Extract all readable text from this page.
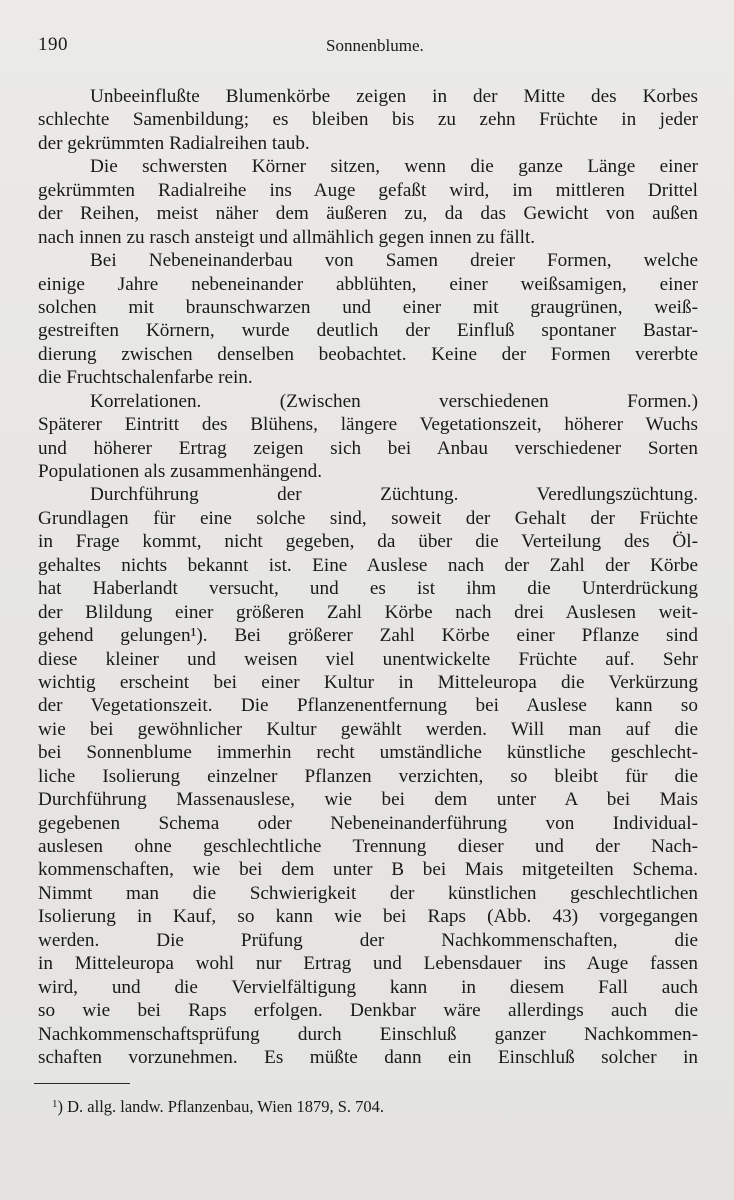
190	Sonnenblume.
Unbeeinflußte Blumenkörbe zeigen in der Mitte des Korbes
schlechte Samenbildung; es bleiben bis zu zehn Früchte in jeder
der gekrümmten Radialreihen taub.
Die schwersten Körner sitzen, wenn die ganze Länge einer
gekrümmten Radialreihe ins Auge gefaßt wird, im mittleren Drittel
der Reihen, meist näher dem äußeren zu, da das Gewicht von außen
nach innen zu rasch ansteigt und allmählich gegen innen zu fällt.
Bei Nebeneinanderbau von Samen dreier Formen, welche
einige Jahre nebeneinander abblühten, einer weißsamigen, einer
solchen mit braunschwarzen und einer mit graugrünen, weiß-
gestreiften Körnern, wurde deutlich der Einfluß spontaner Bastar-
dierung zwischen denselben beobachtet. Keine der Formen vererbte
die Fruchtschalenfarbe rein.
Korrelationen. (Zwischen verschiedenen Formen.)
Späterer Eintritt des Blühens, längere Vegetationszeit, höherer Wuchs
und höherer Ertrag zeigen sich bei Anbau verschiedener Sorten
Populationen als zusammenhängend.
Durchführung der Züchtung. Veredlungszüchtung.
Grundlagen für eine solche sind, soweit der Gehalt der Früchte
in Frage kommt, nicht gegeben, da über die Verteilung des Öl-
gehaltes nichts bekannt ist. Eine Auslese nach der Zahl der Körbe
hat Haberlandt versucht, und es ist ihm die Unterdrückung
der Blildung einer größeren Zahl Körbe nach drei Auslesen weit-
gehend gelungen¹). Bei größerer Zahl Körbe einer Pflanze sind
diese kleiner und weisen viel unentwickelte Früchte auf. Sehr
wichtig erscheint bei einer Kultur in Mitteleuropa die Verkürzung
der Vegetationszeit. Die Pflanzenentfernung bei Auslese kann so
wie bei gewöhnlicher Kultur gewählt werden. Will man auf die
bei Sonnenblume immerhin recht umständliche künstliche geschlecht-
liche Isolierung einzelner Pflanzen verzichten, so bleibt für die
Durchführung Massenauslese, wie bei dem unter A bei Mais
gegebenen Schema oder Nebeneinanderführung von Individual-
auslesen ohne geschlechtliche Trennung dieser und der Nach-
kommenschaften, wie bei dem unter B bei Mais mitgeteilten Schema.
Nimmt man die Schwierigkeit der künstlichen geschlechtlichen
Isolierung in Kauf, so kann wie bei Raps (Abb. 43) vorgegangen
werden. Die Prüfung der Nachkommenschaften, die
in Mitteleuropa wohl nur Ertrag und Lebensdauer ins Auge fassen
wird, und die Vervielfältigung kann in diesem Fall auch
so wie bei Raps erfolgen. Denkbar wäre allerdings auch die
Nachkommenschaftsprüfung durch Einschluß ganzer Nachkommen-
schaften vorzunehmen. Es müßte dann ein Einschluß solcher in
$^1$) D. allg. landw. Pflanzenbau, Wien 1879, S. 704.
